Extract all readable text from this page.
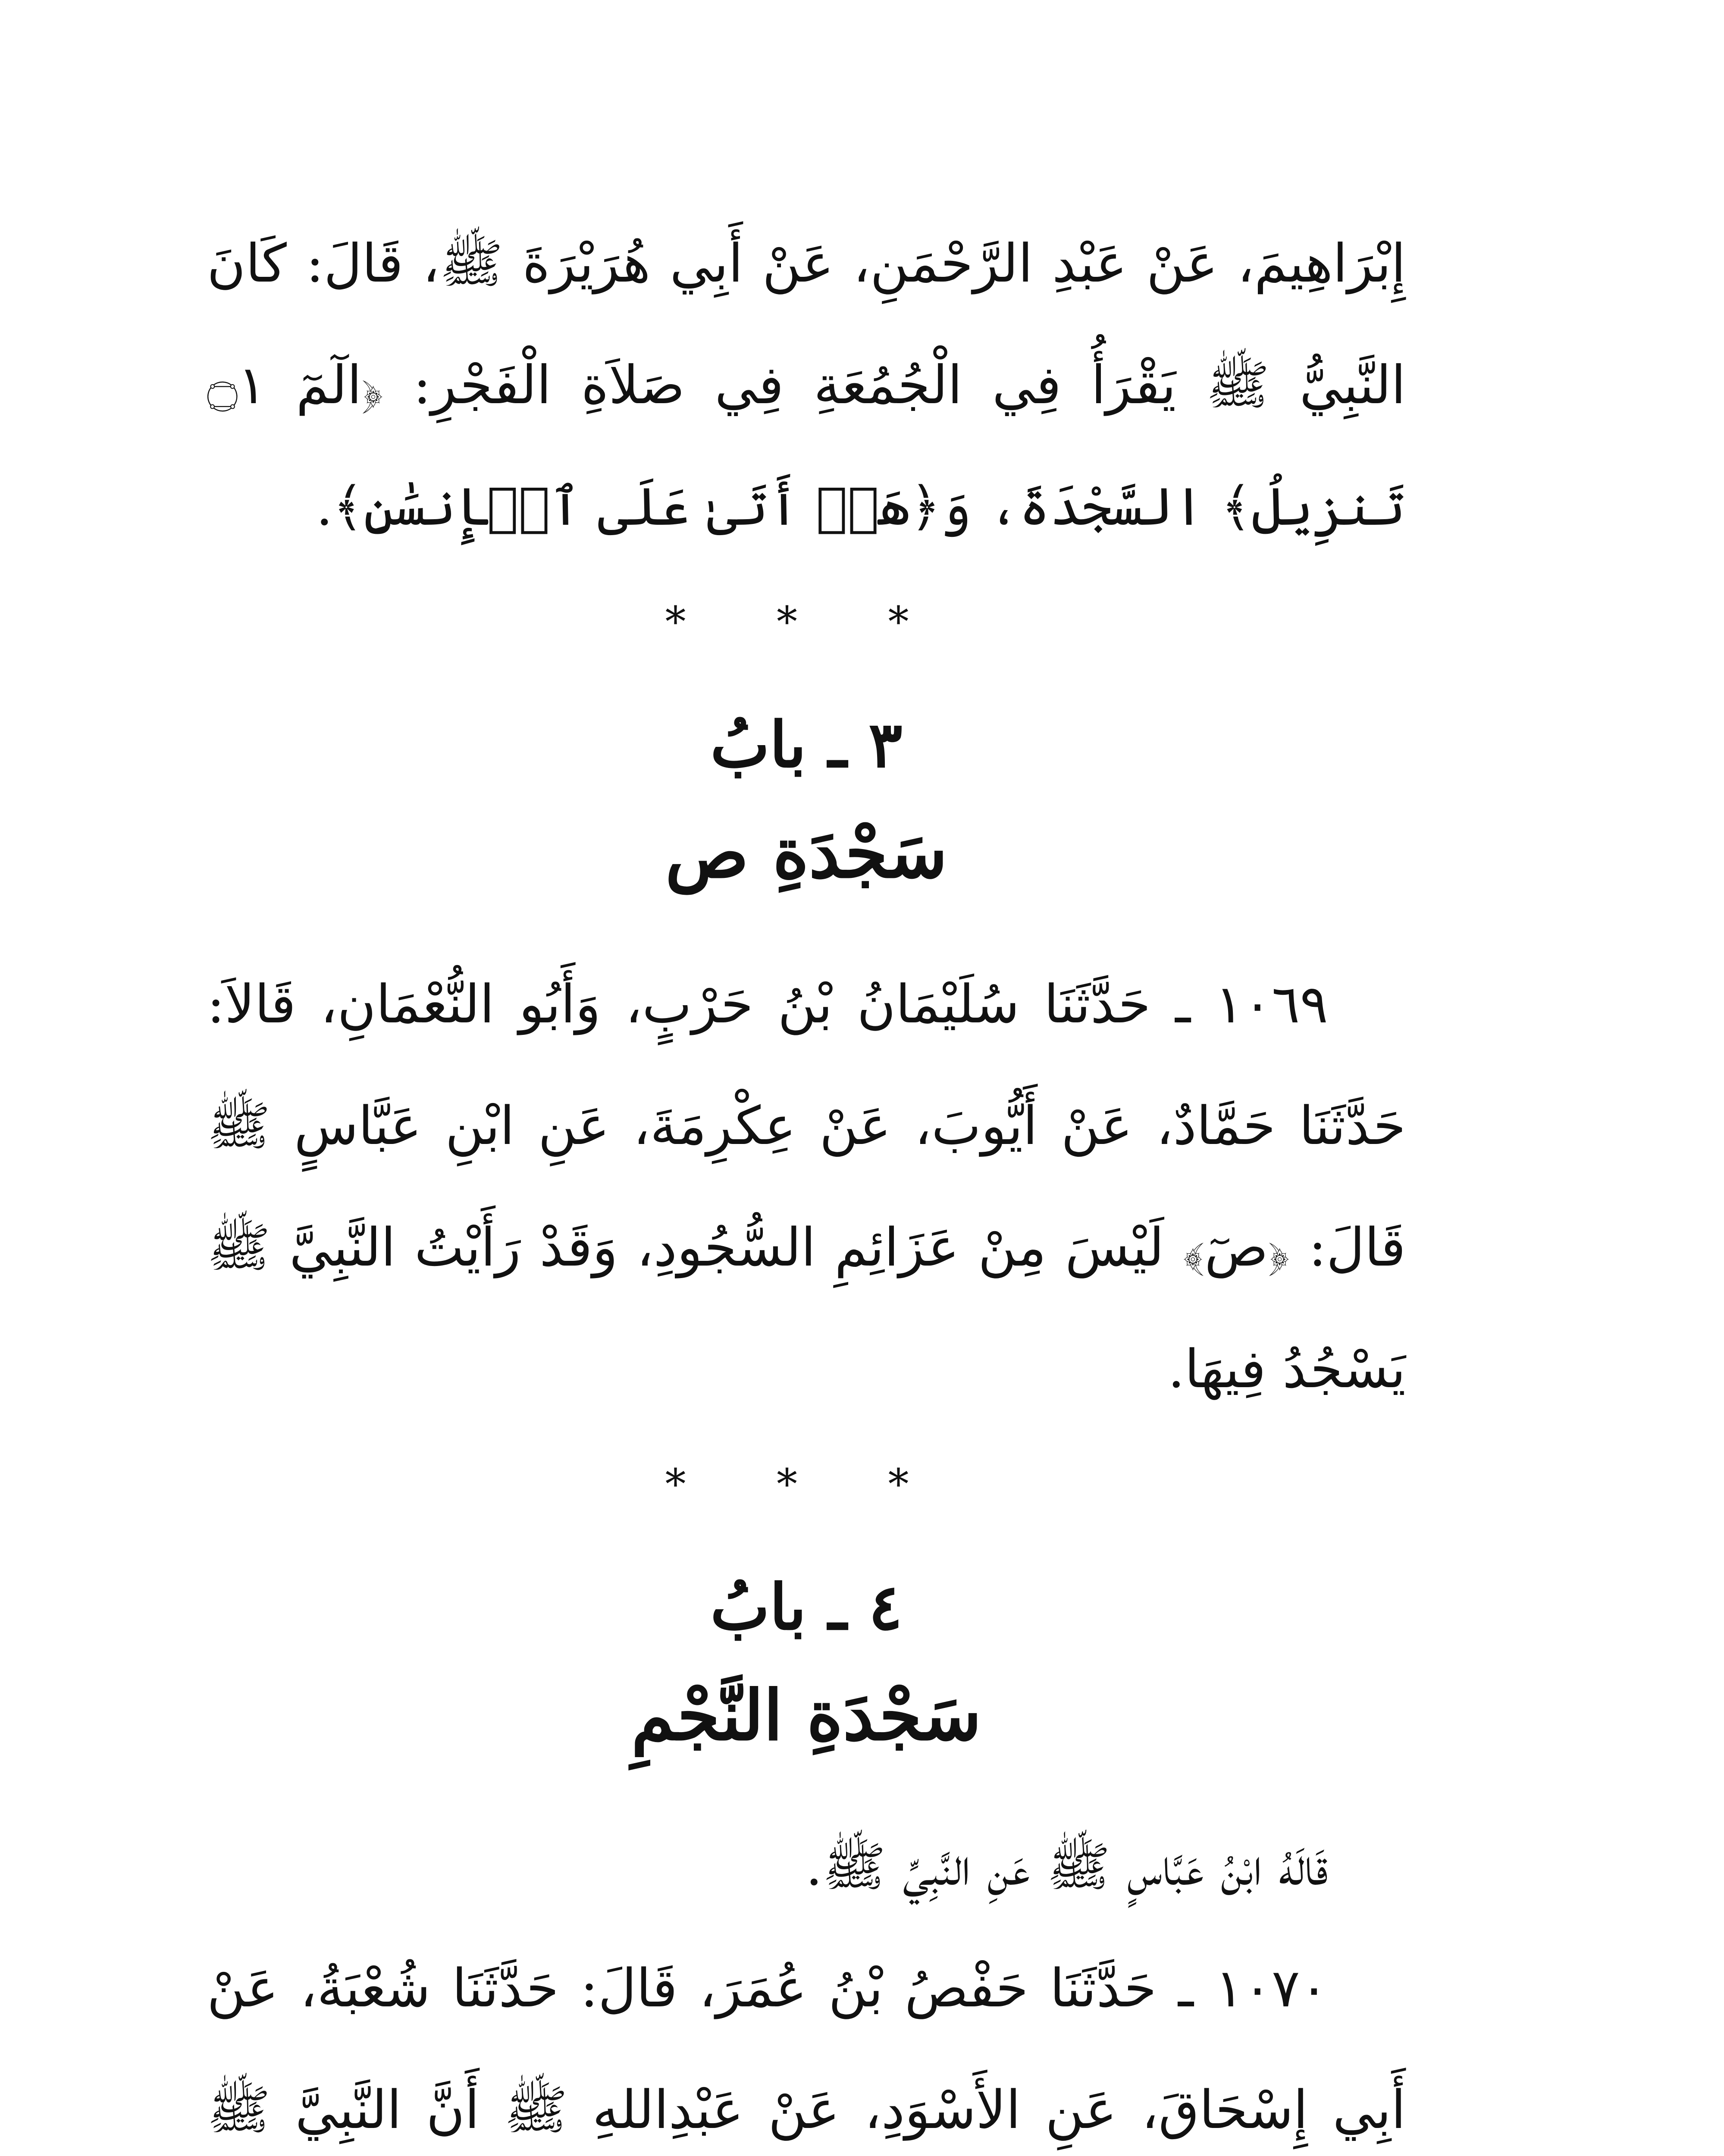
إِبْرَاهِيمَ، عَنْ عَبْدِ الرَّحْمَنِ، عَنْ أَبِي هُرَيْرَةَ ﷺ، قَالَ: كَانَ النَّبِيُّ ﷺ يَقْرَأُ فِي الْجُمُعَةِ فِي صَلاَةِ الْفَجْرِ: ﴿الٓمٓ ۝١ تَنزِيلُ﴾ السَّجْدَةَ، وَ﴿هَلۡ أَتَىٰ عَلَى ٱلۡإِنسَٰنِ﴾.

* * *
٣ ـ بابُ
سَجْدَةِ ص

١٠٦٩ ـ حَدَّثَنَا سُلَيْمَانُ بْنُ حَرْبٍ، وَأَبُو النُّعْمَانِ، قَالاَ: حَدَّثَنَا حَمَّادٌ، عَنْ أَيُّوبَ، عَنْ عِكْرِمَةَ، عَنِ ابْنِ عَبَّاسٍ ﷺ قَالَ: ﴿صٓ﴾ لَيْسَ مِنْ عَزَائِمِ السُّجُودِ، وَقَدْ رَأَيْتُ النَّبِيَّ ﷺ يَسْجُدُ فِيهَا.

* * *
٤ ـ بابُ
سَجْدَةِ النَّجْمِ

قَالَهُ ابْنُ عَبَّاسٍ ﷺ عَنِ النَّبِيِّ ﷺ.

١٠٧٠ ـ حَدَّثَنَا حَفْصُ بْنُ عُمَرَ، قَالَ: حَدَّثَنَا شُعْبَةُ، عَنْ أَبِي إِسْحَاقَ، عَنِ الأَسْوَدِ، عَنْ عَبْدِاللهِ ﷺ أَنَّ النَّبِيَّ ﷺ
